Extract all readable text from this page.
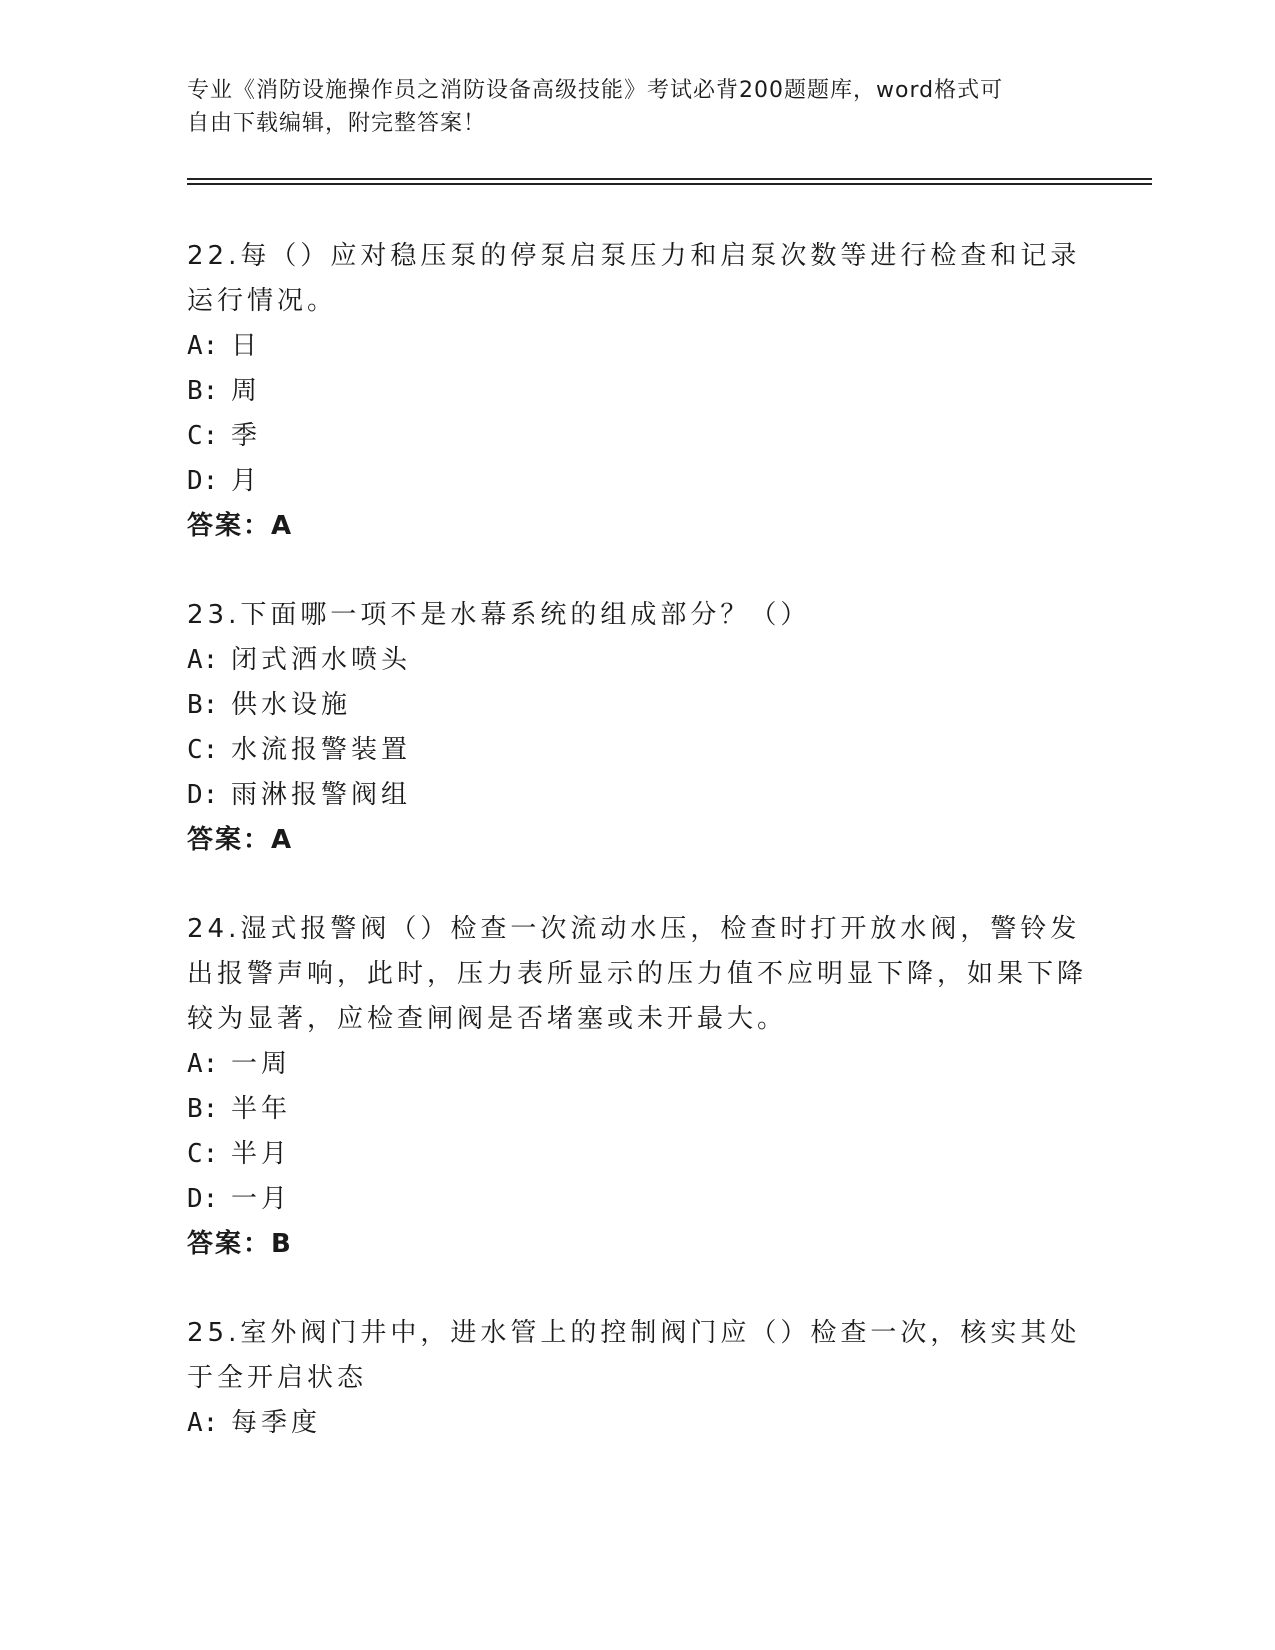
专业《消防设施操作员之消防设备高级技能》考试必背200题题库，word格式可
自由下载编辑，附完整答案！
22.每（）应对稳压泵的停泵启泵压力和启泵次数等进行检查和记录运行情况。
A: 日
B: 周
C: 季
D: 月
答案：A
23.下面哪一项不是水幕系统的组成部分？（）
A: 闭式洒水喷头
B: 供水设施
C: 水流报警装置
D: 雨淋报警阀组
答案：A
24.湿式报警阀（）检查一次流动水压，检查时打开放水阀，警铃发出报警声响，此时，压力表所显示的压力值不应明显下降，如果下降较为显著，应检查闸阀是否堵塞或未开最大。
A: 一周
B: 半年
C: 半月
D: 一月
答案：B
25.室外阀门井中，进水管上的控制阀门应（）检查一次，核实其处于全开启状态
A: 每季度
